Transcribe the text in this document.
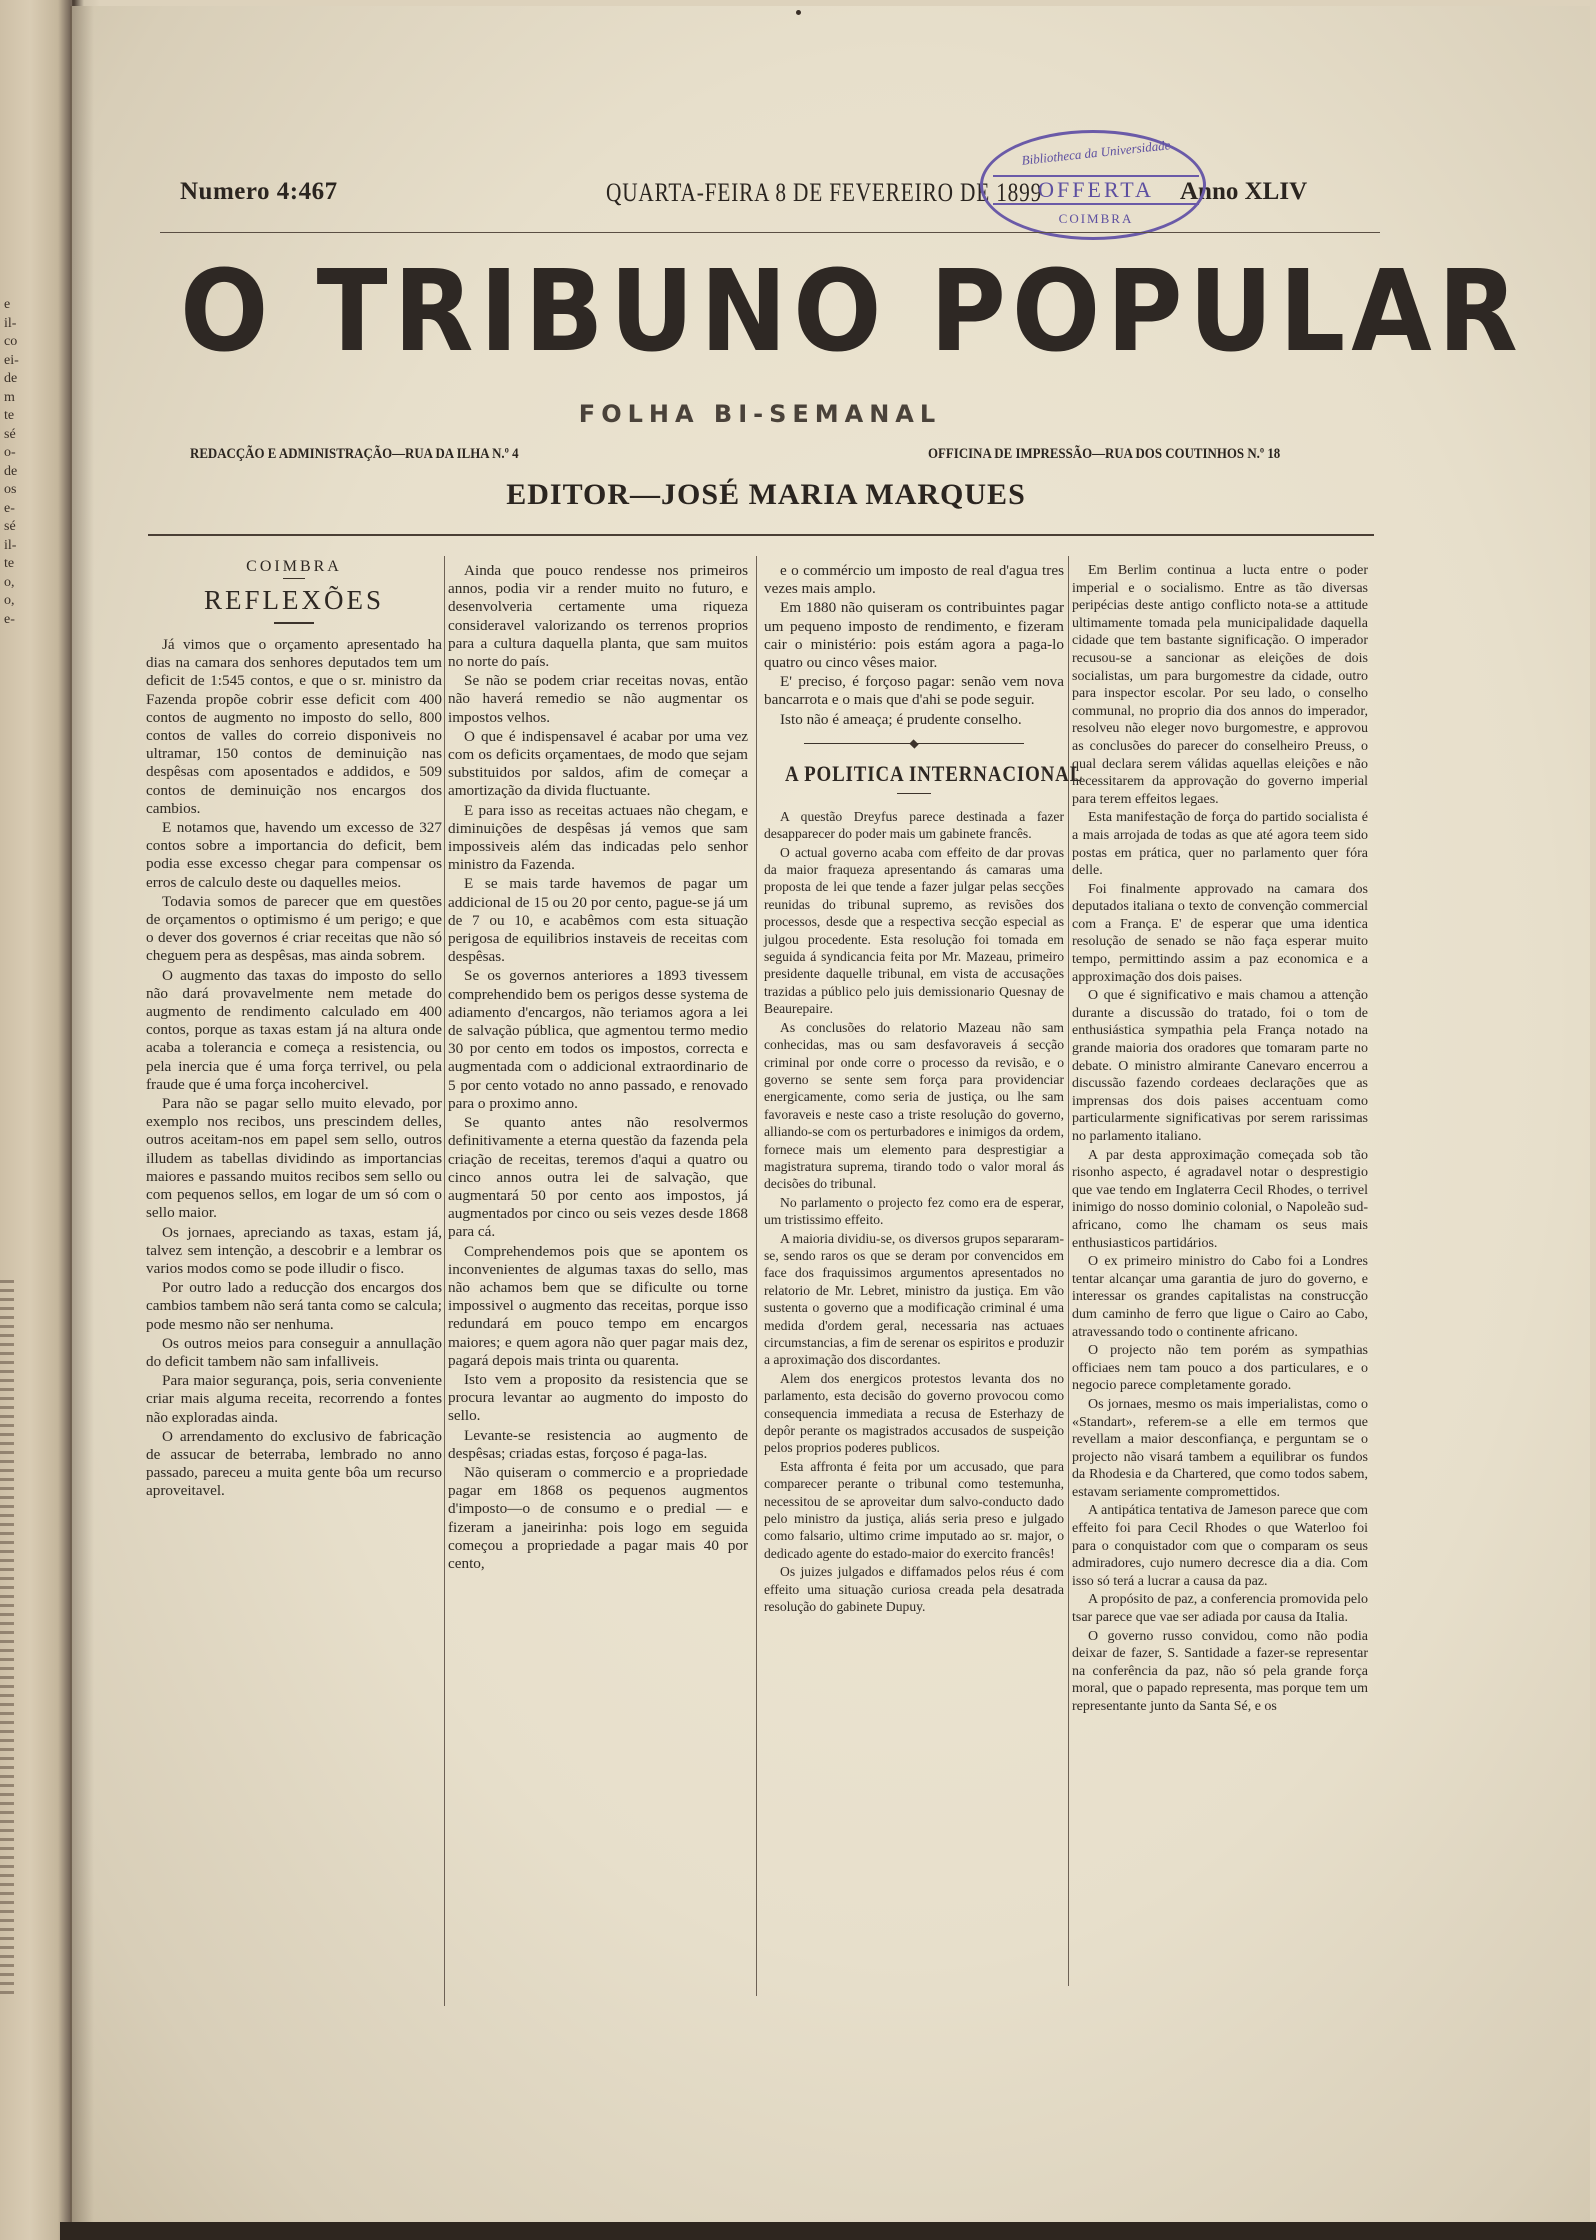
e
il-
co
ei-
de
m
te
sé
o-
de
os
e-
sé
il-
te
o,
o,
e-
Numero 4:467	QUARTA-FEIRA 8 DE FEVEREIRO DE 1899	Anno XLIV
Bibliotheca da Universidade
OFFERTA
COIMBRA
O TRIBUNO POPULAR
FOLHA BI-SEMANAL
REDACÇÃO E ADMINISTRAÇÃO—RUA DA ILHA N.º 4	OFFICINA DE IMPRESSÃO—RUA DOS COUTINHOS N.º 18
EDITOR—JOSÉ MARIA MARQUES
COIMBRA
REFLEXÕES

Já vimos que o orçamento apresentado ha dias na camara dos senhores deputados tem um deficit de 1:545 contos, e que o sr. ministro da Fazenda propõe cobrir esse deficit com 400 contos de augmento no imposto do sello, 800 contos de valles do correio disponiveis no ultramar, 150 contos de deminuição nas despêsas com aposentados e addidos, e 509 contos de deminuição nos encargos dos cambios.

E notamos que, havendo um excesso de 327 contos sobre a importancia do deficit, bem podia esse excesso chegar para compensar os erros de calculo deste ou daquelles meios.

Todavia somos de parecer que em questões de orçamentos o optimismo é um perigo; e que o dever dos governos é criar receitas que não só cheguem pera as despêsas, mas ainda sobrem.

O augmento das taxas do imposto do sello não dará provavelmente nem metade do augmento de rendimento calculado em 400 contos, porque as taxas estam já na altura onde acaba a tolerancia e começa a resistencia, ou pela inercia que é uma força terrivel, ou pela fraude que é uma força incohercivel.

Para não se pagar sello muito elevado, por exemplo nos recibos, uns prescindem delles, outros aceitam-nos em papel sem sello, outros illudem as tabellas dividindo as importancias maiores e passando muitos recibos sem sello ou com pequenos sellos, em logar de um só com o sello maior.

Os jornaes, apreciando as taxas, estam já, talvez sem intenção, a descobrir e a lembrar os varios modos como se pode illudir o fisco.

Por outro lado a reducção dos encargos dos cambios tambem não será tanta como se calcula; pode mesmo não ser nenhuma.

Os outros meios para conseguir a annullação do deficit tambem não sam infalliveis.

Para maior segurança, pois, seria conveniente criar mais alguma receita, recorrendo a fontes não exploradas ainda.

O arrendamento do exclusivo de fabricação de assucar de beterraba, lembrado no anno passado, pareceu a muita gente bôa um recurso aproveitavel.

Ainda que pouco rendesse nos primeiros annos, podia vir a render muito no futuro, e desenvolveria certamente uma riqueza consideravel valorizando os terrenos proprios para a cultura daquella planta, que sam muitos no norte do país.

Se não se podem criar receitas novas, então não haverá remedio se não augmentar os impostos velhos.

O que é indispensavel é acabar por uma vez com os deficits orçamentaes, de modo que sejam substituidos por saldos, afim de começar a amortização da divida fluctuante.

E para isso as receitas actuaes não chegam, e diminuições de despêsas já vemos que sam impossiveis além das indicadas pelo senhor ministro da Fazenda.

E se mais tarde havemos de pagar um addicional de 15 ou 20 por cento, pague-se já um de 7 ou 10, e acabêmos com esta situação perigosa de equilibrios instaveis de receitas com despêsas.

Se os governos anteriores a 1893 tivessem comprehendido bem os perigos desse systema de adiamento d'encargos, não teriamos agora a lei de salvação pública, que agmentou termo medio 30 por cento em todos os impostos, correcta e augmentada com o addicional extraordinario de 5 por cento votado no anno passado, e renovado para o proximo anno.

Se quanto antes não resolvermos definitivamente a eterna questão da fazenda pela criação de receitas, teremos d'aqui a quatro ou cinco annos outra lei de salvação, que augmentará 50 por cento aos impostos, já augmentados por cinco ou seis vezes desde 1868 para cá.

Comprehendemos pois que se apontem os inconvenientes de algumas taxas do sello, mas não achamos bem que se dificulte ou torne impossivel o augmento das receitas, porque isso redundará em pouco tempo em encargos maiores; e quem agora não quer pagar mais dez, pagará depois mais trinta ou quarenta.

Isto vem a proposito da resistencia que se procura levantar ao augmento do imposto do sello.

Levante-se resistencia ao augmento de despêsas; criadas estas, forçoso é paga-las.

Não quiseram o commercio e a propriedade pagar em 1868 os pequenos augmentos d'imposto—o de consumo e o predial — e fizeram a janeirinha: pois logo em seguida começou a propriedade a pagar mais 40 por cento,

e o commércio um imposto de real d'agua tres vezes mais amplo.

Em 1880 não quiseram os contribuintes pagar um pequeno imposto de rendimento, e fizeram cair o ministério: pois estám agora a paga-lo quatro ou cinco vêses maior.

E' preciso, é forçoso pagar: senão vem nova bancarrota e o mais que d'ahi se pode seguir.

Isto não é ameaça; é prudente conselho.

A POLITICA INTERNACIONAL

A questão Dreyfus parece destinada a fazer desapparecer do poder mais um gabinete francês.

O actual governo acaba com effeito de dar provas da maior fraqueza apresentando ás camaras uma proposta de lei que tende a fazer julgar pelas secções reunidas do tribunal supremo, as revisões dos processos, desde que a respectiva secção especial as julgou procedente. Esta resolução foi tomada em seguida á syndicancia feita por Mr. Mazeau, primeiro presidente daquelle tribunal, em vista de accusações trazidas a público pelo juis demissionario Quesnay de Beaurepaire.

As conclusões do relatorio Mazeau não sam conhecidas, mas ou sam desfavoraveis á secção criminal por onde corre o processo da revisão, e o governo se sente sem força para providenciar energicamente, como seria de justiça, ou lhe sam favoraveis e neste caso a triste resolução do governo, alliando-se com os perturbadores e inimigos da ordem, fornece mais um elemento para desprestigiar a magistratura suprema, tirando todo o valor moral ás decisões do tribunal.

No parlamento o projecto fez como era de esperar, um tristissimo effeito.

A maioria dividiu-se, os diversos grupos separaram-se, sendo raros os que se deram por convencidos em face dos fraquissimos argumentos apresentados no relatorio de Mr. Lebret, ministro da justiça. Em vão sustenta o governo que a modificação criminal é uma medida d'ordem geral, necessaria nas actuaes circumstancias, a fim de serenar os espiritos e produzir a aproximação dos discordantes.

Alem dos energicos protestos levanta dos no parlamento, esta decisão do governo provocou como consequencia immediata a recusa de Esterhazy de depôr perante os magistrados accusados de suspeição pelos proprios poderes publicos.

Esta affronta é feita por um accusado, que para comparecer perante o tribunal como testemunha, necessitou de se aproveitar dum salvo-conducto dado pelo ministro da justiça, aliás seria preso e julgado como falsario, ultimo crime imputado ao sr. major, o dedicado agente do estado-maior do exercito francês!

Os juizes julgados e diffamados pelos réus é com effeito uma situação curiosa creada pela desatrada resolução do gabinete Dupuy.

Em Berlim continua a lucta entre o poder imperial e o socialismo. Entre as tão diversas peripécias deste antigo conflicto nota-se a attitude ultimamente tomada pela municipalidade daquella cidade que tem bastante significação. O imperador recusou-se a sancionar as eleições de dois socialistas, um para burgomestre da cidade, outro para inspector escolar. Por seu lado, o conselho communal, no proprio dia dos annos do imperador, resolveu não eleger novo burgomestre, e approvou as conclusões do parecer do conselheiro Preuss, o qual declara serem válidas aquellas eleições e não necessitarem da approvação do governo imperial para terem effeitos legaes.

Esta manifestação de força do partido socialista é a mais arrojada de todas as que até agora teem sido postas em prática, quer no parlamento quer fóra delle.

Foi finalmente approvado na camara dos deputados italiana o texto de convenção commercial com a França. E' de esperar que uma identica resolução de senado se não faça esperar muito tempo, permittindo assim a paz economica e a approximação dos dois paises.

O que é significativo e mais chamou a attenção durante a discussão do tratado, foi o tom de enthusiástica sympathia pela França notado na grande maioria dos oradores que tomaram parte no debate. O ministro almirante Canevaro encerrou a discussão fazendo cordeaes declarações que as imprensas dos dois paises accentuam como particularmente significativas por serem rarissimas no parlamento italiano.

A par desta approximação começada sob tão risonho aspecto, é agradavel notar o desprestigio que vae tendo em Inglaterra Cecil Rhodes, o terrivel inimigo do nosso dominio colonial, o Napoleão sud-africano, como lhe chamam os seus mais enthusiasticos partidários.

O ex primeiro ministro do Cabo foi a Londres tentar alcançar uma garantia de juro do governo, e interessar os grandes capitalistas na construcção dum caminho de ferro que ligue o Cairo ao Cabo, atravessando todo o continente africano.

O projecto não tem porém as sympathias officiaes nem tam pouco a dos particulares, e o negocio parece completamente gorado.

Os jornaes, mesmo os mais imperialistas, como o «Standart», referem-se a elle em termos que revellam a maior desconfiança, e perguntam se o projecto não visará tambem a equilibrar os fundos da Rhodesia e da Chartered, que como todos sabem, estavam seriamente compromettidos.

A antipática tentativa de Jameson parece que com effeito foi para Cecil Rhodes o que Waterloo foi para o conquistador com que o comparam os seus admiradores, cujo numero decresce dia a dia. Com isso só terá a lucrar a causa da paz.

A propósito de paz, a conferencia promovida pelo tsar parece que vae ser adiada por causa da Italia.

O governo russo convidou, como não podia deixar de fazer, S. Santidade a fazer-se representar na conferência da paz, não só pela grande força moral, que o papado representa, mas porque tem um representante junto da Santa Sé, e os
